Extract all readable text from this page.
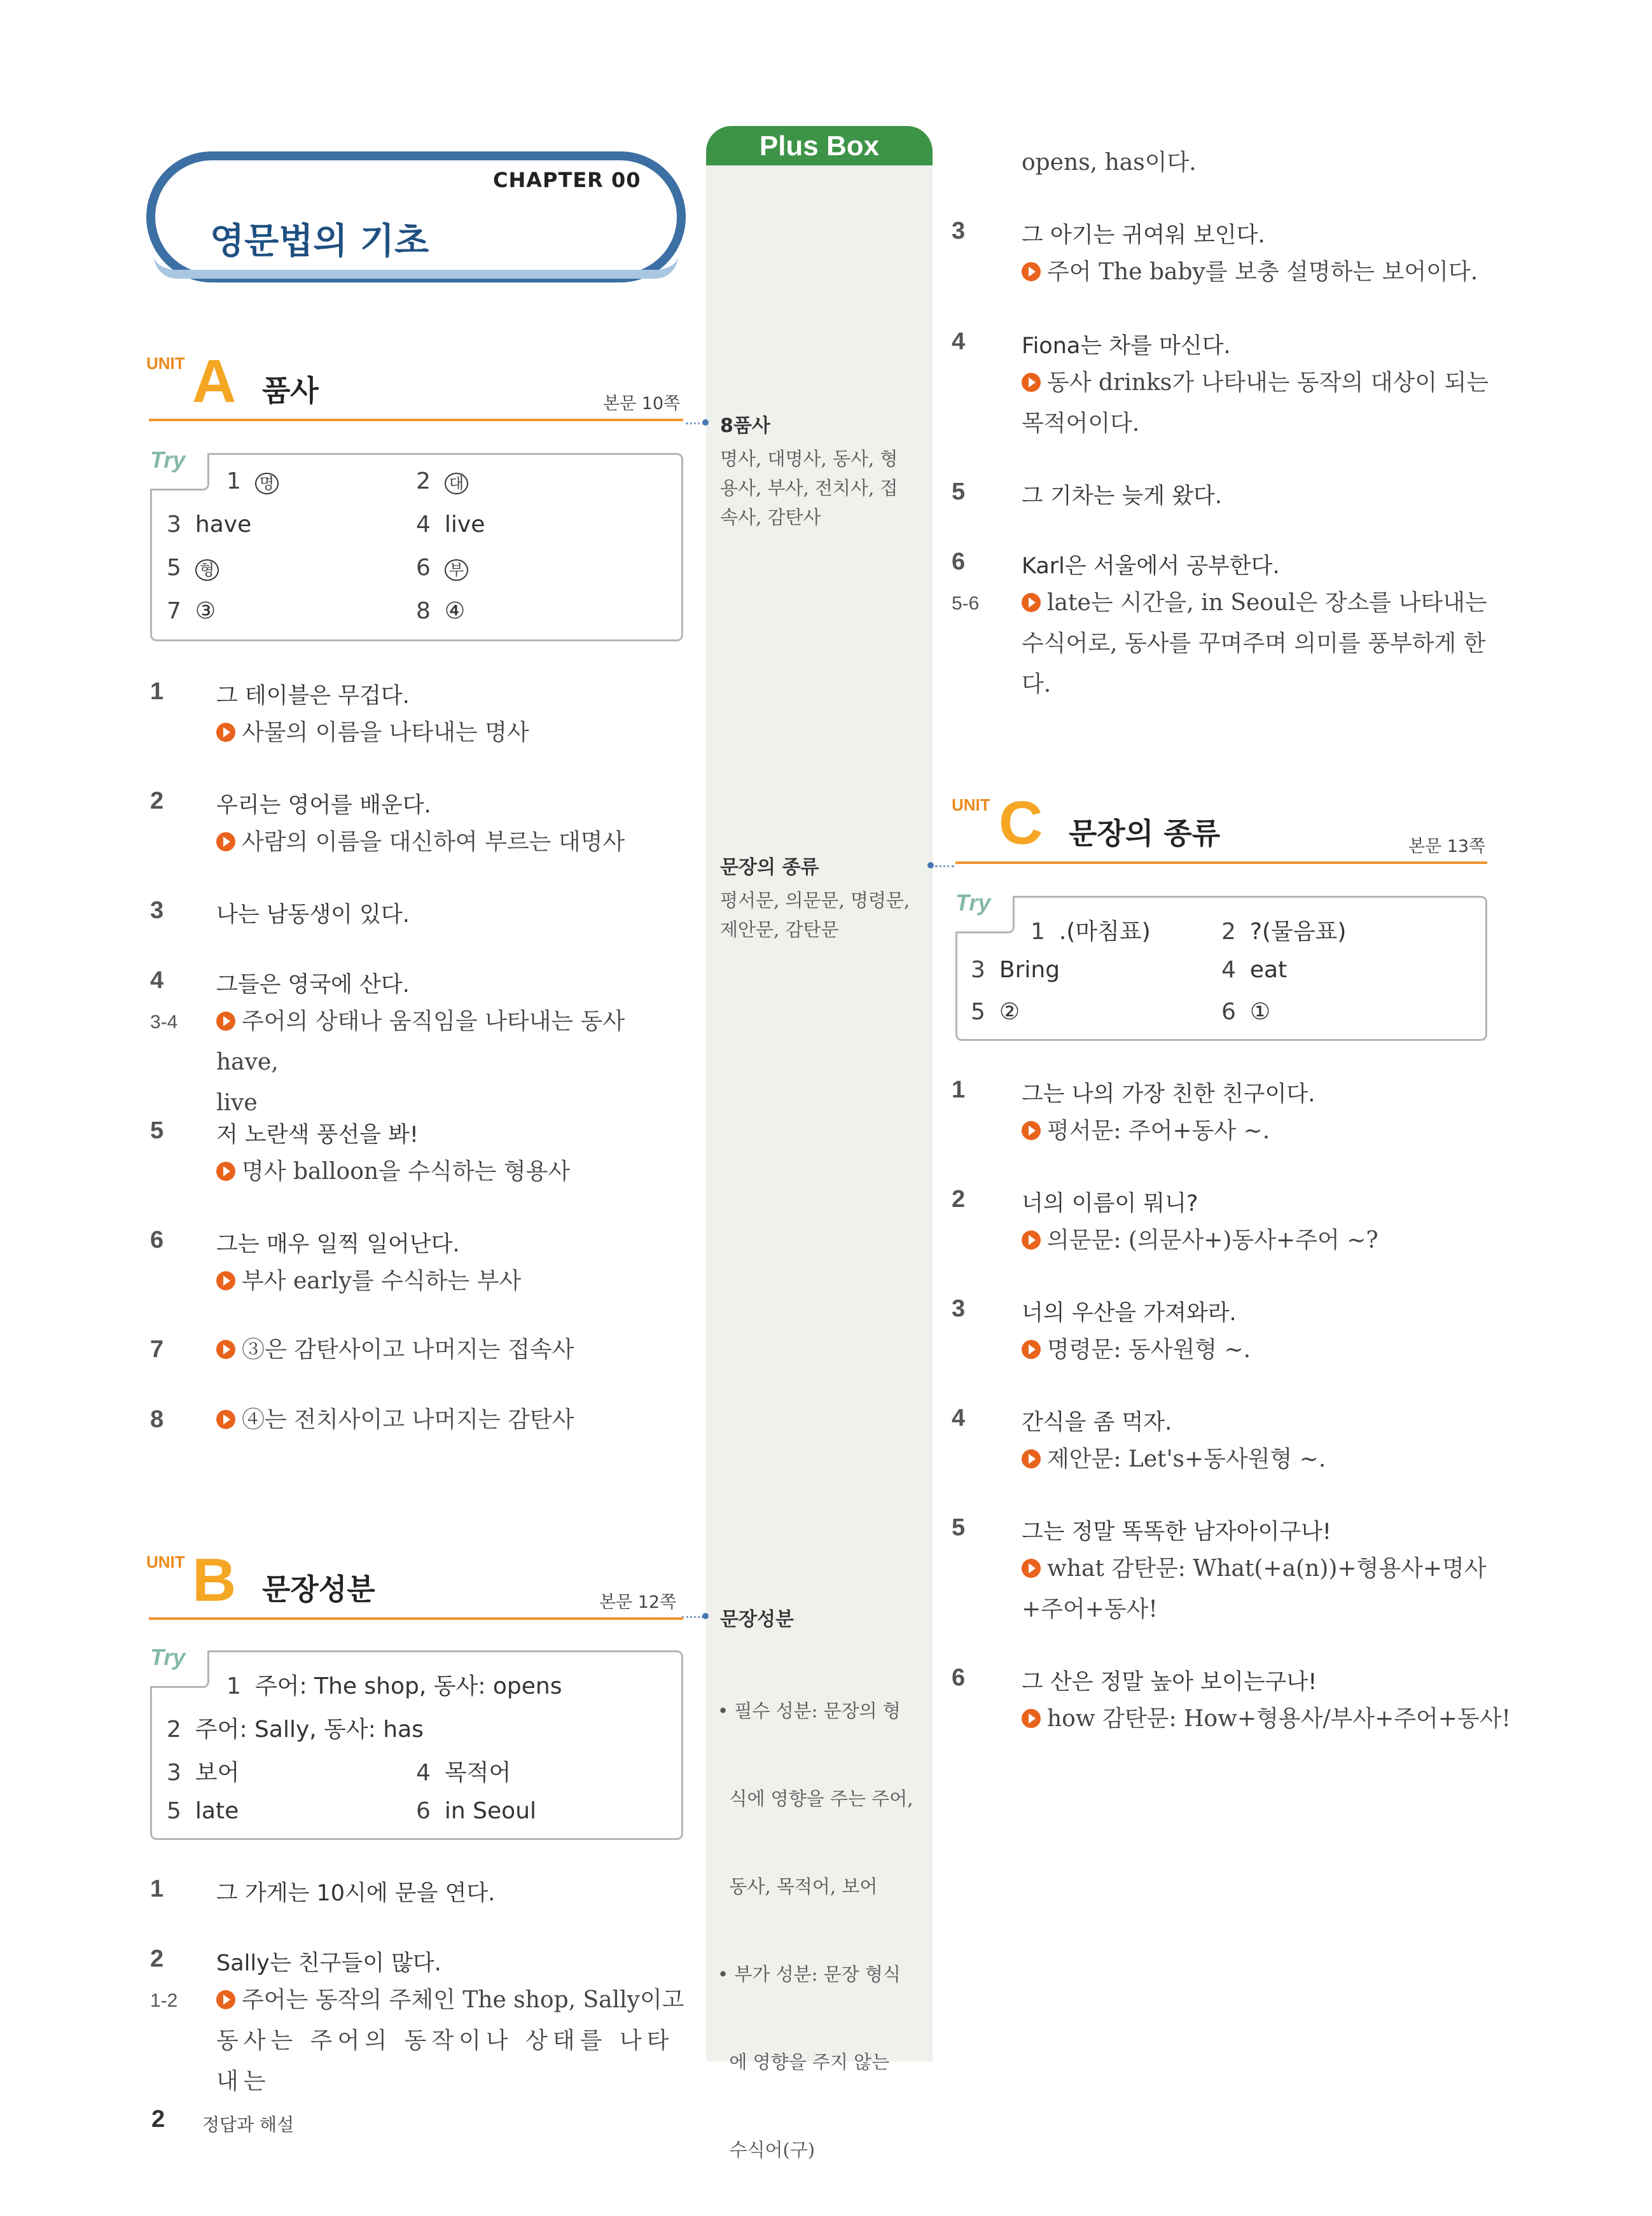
CHAPTER 00
영문법의 기초
Plus Box
8품사
명사, 대명사, 동사, 형
용사, 부사, 전치사, 접
속사, 감탄사
문장의 종류
평서문, 의문문, 명령문,
제안문, 감탄문
문장성분

• 필수 성분: 문장의 형

식에 영향을 주는 주어,

동사, 목적어, 보어

• 부가 성분: 문장 형식

에 영향을 주지 않는

수식어(구)

UNIT A 품사	본문 10쪽
Try
1 명	2 대
3 have	4 live
5 형	6 부
7 ③	8 ④
1 그 테이블은 무겁다.
사물의 이름을 나타내는 명사
2 우리는 영어를 배운다.
사람의 이름을 대신하여 부르는 대명사
3 나는 남동생이 있다.
4 그들은 영국에 산다.
3-4	주어의 상태나 움직임을 나타내는 동사 have,
live
5 저 노란색 풍선을 봐!
명사 balloon을 수식하는 형용사
6 그는 매우 일찍 일어난다.
부사 early를 수식하는 부사
7	③은 감탄사이고 나머지는 접속사
8	④는 전치사이고 나머지는 감탄사
UNIT B 문장성분	본문 12쪽
Try
1 주어: The shop, 동사: opens
2 주어: Sally, 동사: has
3 보어	4 목적어
5 late	6 in Seoul
1 그 가게는 10시에 문을 연다.
2 Sally는 친구들이 많다.
1-2	주어는 동작의 주체인 The shop, Sally이고
동사는 주어의 동작이나 상태를 나타내는
opens, has이다.
3	그 아기는 귀여워 보인다.
주어 The baby를 보충 설명하는 보어이다.
4	Fiona는 차를 마신다.
동사 drinks가 나타내는 동작의 대상이 되는
목적어이다.
5	그 기차는 늦게 왔다.
6	Karl은 서울에서 공부한다.
5-6	late는 시간을, in Seoul은 장소를 나타내는
수식어로, 동사를 꾸며주며 의미를 풍부하게 한다.
UNIT C 문장의 종류	본문 13쪽
Try
1 .(마침표)	2 ?(물음표)
3 Bring	4 eat
5 ②	6 ①
1	그는 나의 가장 친한 친구이다.
평서문: 주어+동사 ~.
2	너의 이름이 뭐니?
의문문: (의문사+)동사+주어 ~?
3	너의 우산을 가져와라.
명령문: 동사원형 ~.
4	간식을 좀 먹자.
제안문: Let's+동사원형 ~.
5	그는 정말 똑똑한 남자아이구나!
what 감탄문: What(+a(n))+형용사+명사
+주어+동사!
6	그 산은 정말 높아 보이는구나!
how 감탄문: How+형용사/부사+주어+동사!
2 정답과 해설
